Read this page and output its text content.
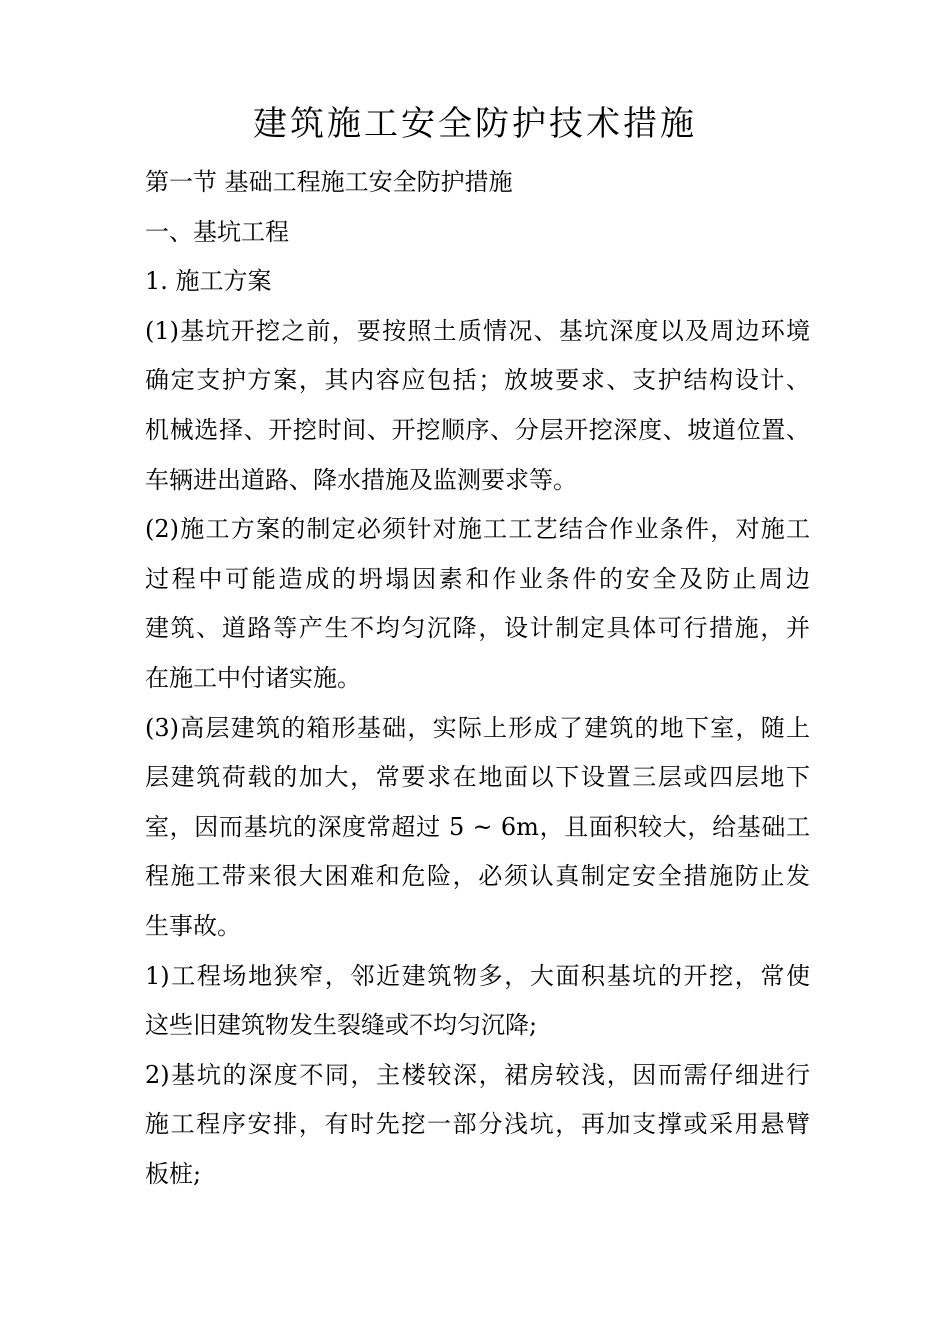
建筑施工安全防护技术措施
第一节 基础工程施工安全防护措施
一、基坑工程
1. 施工方案
(1)基坑开挖之前，要按照土质情况、基坑深度以及周边环境
确定支护方案，其内容应包括；放坡要求、支护结构设计、
机械选择、开挖时间、开挖顺序、分层开挖深度、坡道位置、
车辆进出道路、降水措施及监测要求等。
(2)施工方案的制定必须针对施工工艺结合作业条件，对施工
过程中可能造成的坍塌因素和作业条件的安全及防止周边
建筑、道路等产生不均匀沉降，设计制定具体可行措施，并
在施工中付诸实施。
(3)高层建筑的箱形基础，实际上形成了建筑的地下室，随上
层建筑荷载的加大，常要求在地面以下设置三层或四层地下
室，因而基坑的深度常超过 5 ~ 6m，且面积较大，给基础工
程施工带来很大困难和危险，必须认真制定安全措施防止发
生事故。
1)工程场地狭窄，邻近建筑物多，大面积基坑的开挖，常使
这些旧建筑物发生裂缝或不均匀沉降;
2)基坑的深度不同，主楼较深，裙房较浅，因而需仔细进行
施工程序安排，有时先挖一部分浅坑，再加支撑或采用悬臂
板桩;
